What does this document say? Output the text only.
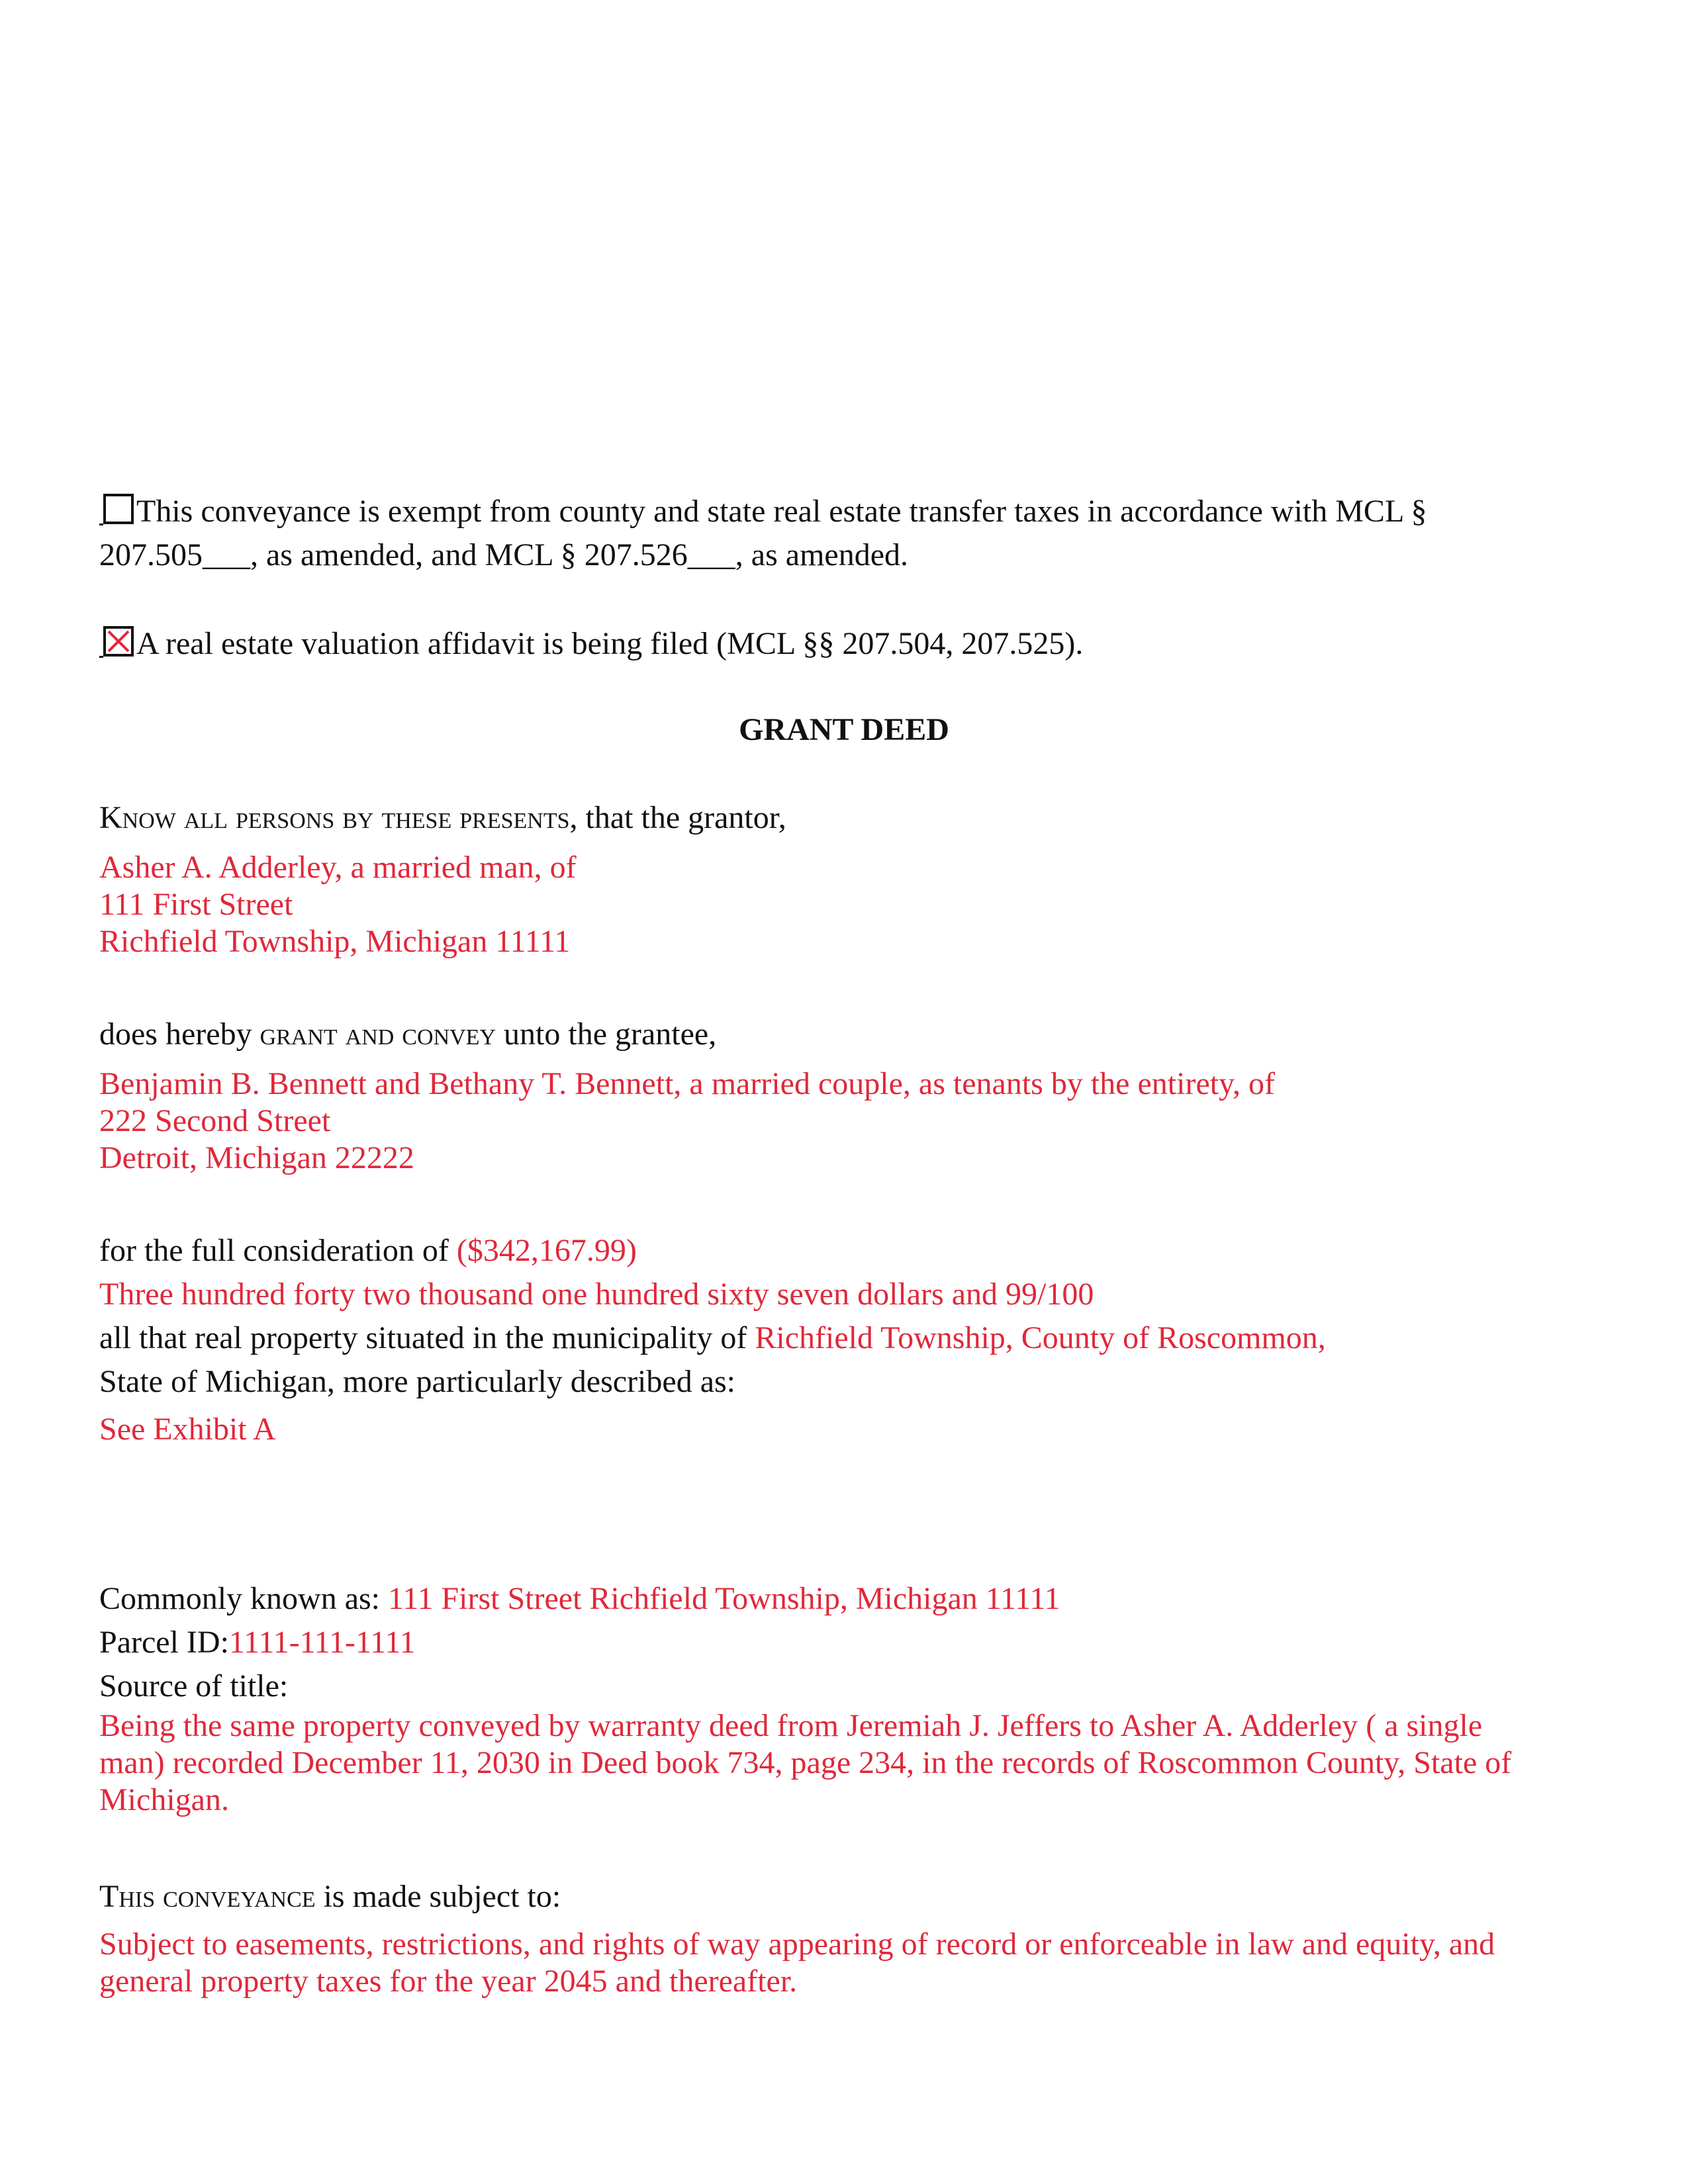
This conveyance is exempt from county and state real estate transfer taxes in accordance with MCL §
207.505___, as amended, and MCL § 207.526___, as amended.
A real estate valuation affidavit is being filed (MCL §§ 207.504, 207.525).
GRANT DEED
Know all persons by these presents, that the grantor,
Asher A. Adderley, a married man, of
111 First Street
Richfield Township, Michigan 11111
does hereby grant and convey unto the grantee,
Benjamin B. Bennett and Bethany T. Bennett, a married couple, as tenants by the entirety, of
222 Second Street
Detroit, Michigan 22222
for the full consideration of ($342,167.99)
Three hundred forty two thousand one hundred sixty seven dollars and 99/100
all that real property situated in the municipality of Richfield Township, County of Roscommon,
State of Michigan, more particularly described as:
See Exhibit A
Commonly known as: 111 First Street Richfield Township, Michigan 11111
Parcel ID:1111-111-1111
Source of title:
Being the same property conveyed by warranty deed from Jeremiah J. Jeffers to Asher A. Adderley ( a single
man) recorded December 11, 2030 in Deed book 734, page 234, in the records of Roscommon County, State of
Michigan.
This conveyance is made subject to:
Subject to easements, restrictions, and rights of way appearing of record or enforceable in law and equity, and
general property taxes for the year 2045 and thereafter.
